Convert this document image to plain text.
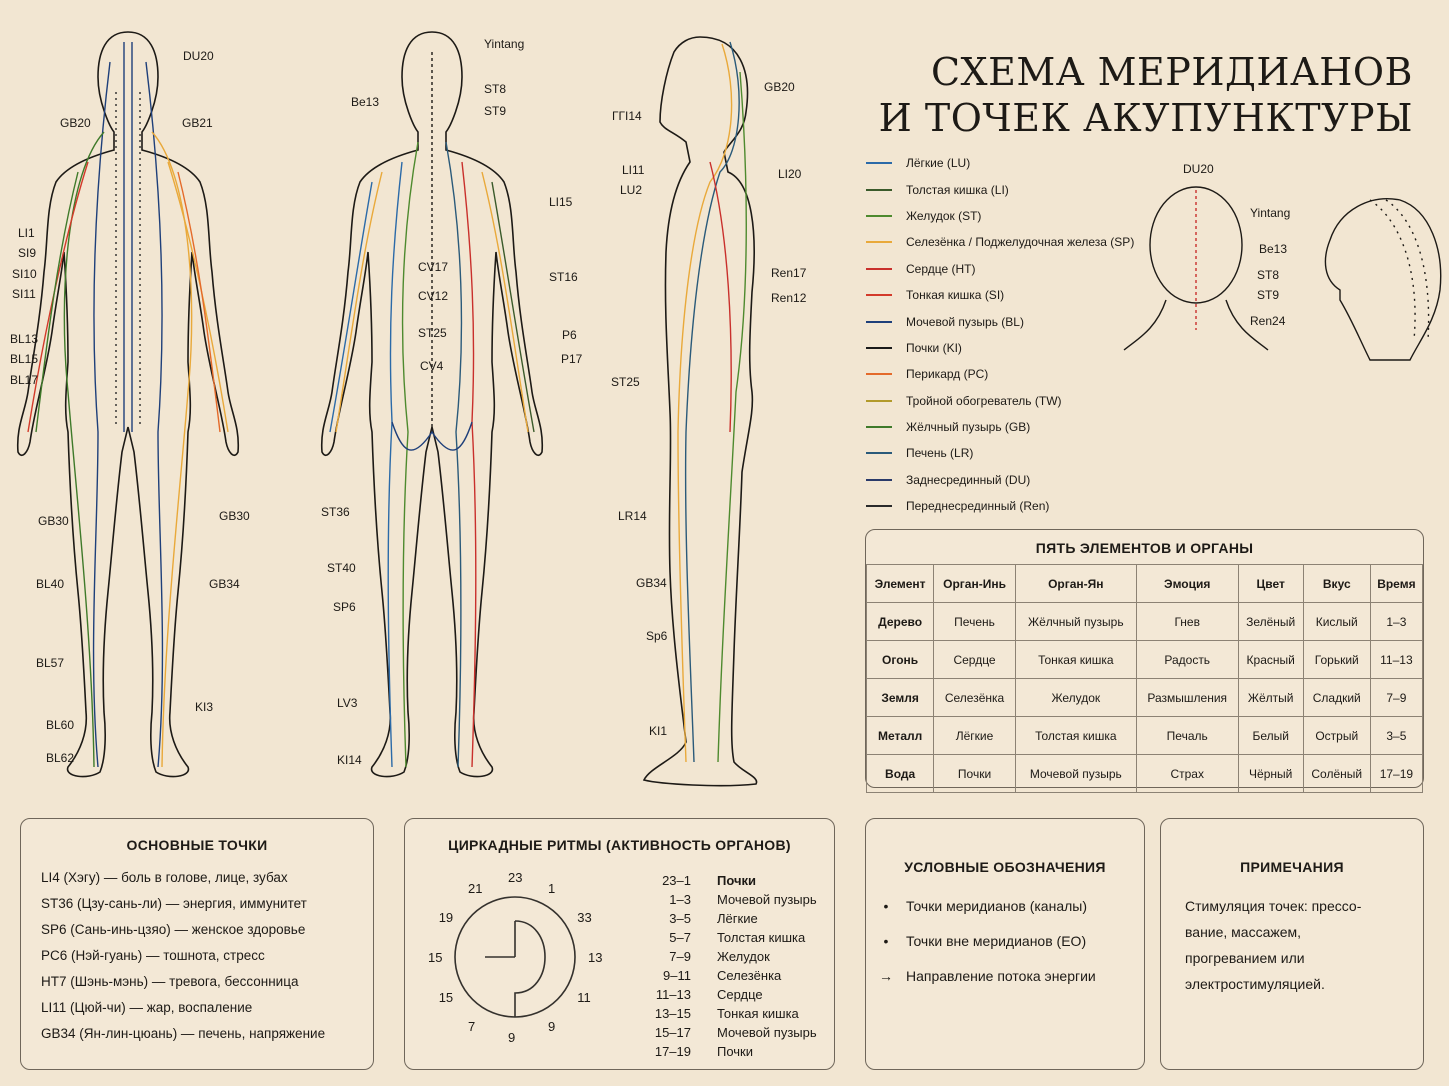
DU20
GB20	GB21
LI1
SI9
SI10
SI11
BL13
BL15
BL17
GB30	GB30
BL40	GB34
BL57
KI3
BL60
BL62
Yintang
Be13
ST8
ST9
LI15
CV17
CV12
ST16
ST25	P6
CV4	P17
ST36
ST40
SP6
LV3
KI14
GB20
ГГI14
LI11	LI20
LU2
Ren17
Ren12
ST25
LR14
GB34
Sp6
KI1
DU20
Yintang
Be13
ST8
ST9
Ren24
СХЕМА МЕРИДИАНОВ
И ТОЧЕК АКУПУНКТУРЫ
Лёгкие (LU)
Толстая кишка (LI)
Желудок (ST)
Селезёнка / Поджелудочная железа (SP)
Сердце (HT)
Тонкая кишка (SI)
Мочевой пузырь (BL)
Почки (KI)
Перикард (PC)
Тройной обогреватель (TW)
Жёлчный пузырь (GB)
Печень (LR)
Заднесрединный (DU)
Переднесрединный (Ren)
ПЯТЬ ЭЛЕМЕНТОВ И ОРГАНЫ
Элемент	Орган-Инь	Орган-Ян	Эмоция	Цвет	Вкус	Время
Дерево	Печень	Жёлчный пузырь	Гнев	Зелёный	Кислый	1–3
Огонь	Сердце	Тонкая кишка	Радость	Красный	Горький	11–13
Земля	Селезёнка	Желудок	Размышления	Жёлтый	Сладкий	7–9
Металл	Лёгкие	Толстая кишка	Печаль	Белый	Острый	3–5
Вода	Почки	Мочевой пузырь	Страх	Чёрный	Солёный	17–19
ОСНОВНЫЕ ТОЧКИ
LI4 (Хэгу) — боль в голове, лице, зубах
ST36 (Цзу-сань-ли) — энергия, иммунитет
SP6 (Сань-инь-цзяо) — женское здоровье
PC6 (Нэй-гуань) — тошнота, стресс
HT7 (Шэнь-мэнь) — тревога, бессонница
LI11 (Цюй-чи) — жар, воспаление
GB34 (Ян-лин-цюань) — печень, напряжение
ЦИРКАДНЫЕ РИТМЫ (АКТИВНОСТЬ ОРГАНОВ)
23
1
33
13
11
9
9
7
15
15
19
21
23–1 Почки
1–3 Мочевой пузырь
3–5 Лёгкие
5–7 Толстая кишка
7–9 Желудок
9–11 Селезёнка
11–13 Сердце
13–15 Тонкая кишка
15–17 Мочевой пузырь
17–19 Почки
УСЛОВНЫЕ ОБОЗНАЧЕНИЯ
•	Точки меридианов (каналы)
•	Точки вне меридианов (ЕО)
→ Направление потока энергии
ПРИМЕЧАНИЯ
Стимуляция точек: прессо-
вание, массажем,
прогреванием или
электростимуляцией.
